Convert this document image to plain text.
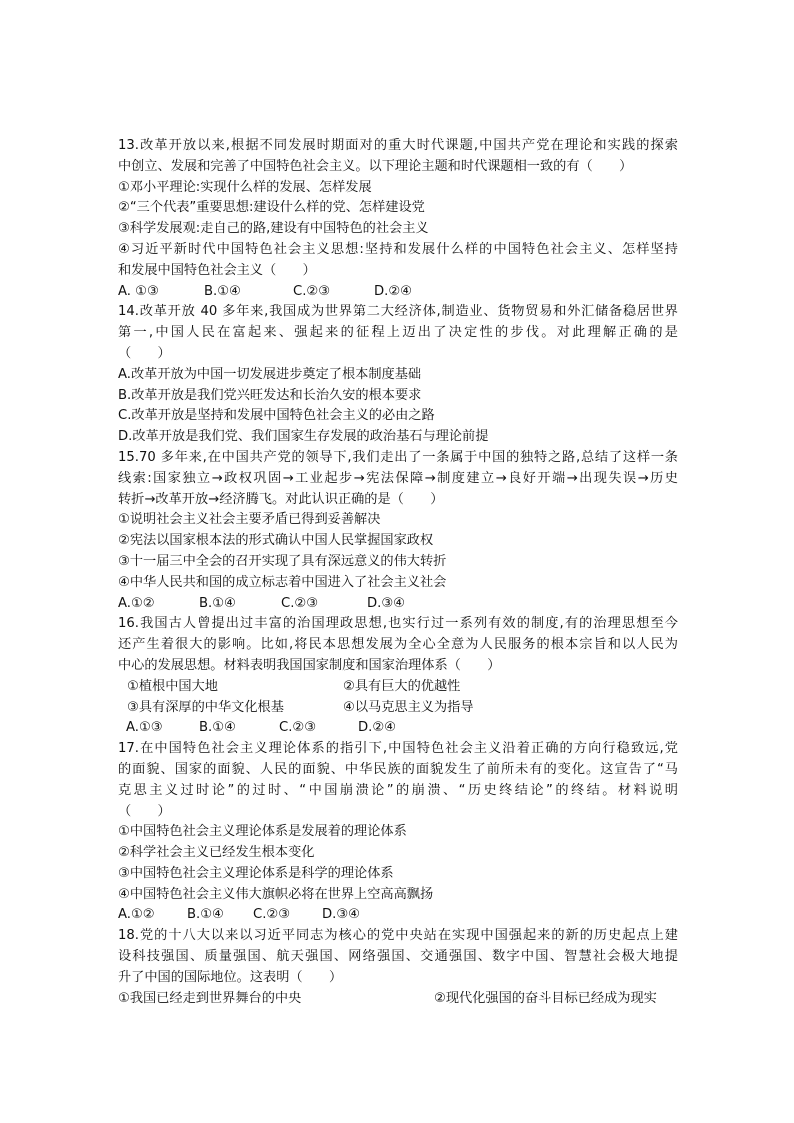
13.改革开放以来,根据不同发展时期面对的重大时代课题,中国共产党在理论和实践的探索
中创立、发展和完善了中国特色社会主义。以下理论主题和时代课题相一致的有（　　）
①邓小平理论:实现什么样的发展、怎样发展
②“三个代表”重要思想:建设什么样的党、怎样建设党
③科学发展观:走自己的路,建设有中国特色的社会主义
④习近平新时代中国特色社会主义思想:坚持和发展什么样的中国特色社会主义、怎样坚持
和发展中国特色社会主义（　　）
A. ①③	B.①④	C.②③	D.②④
14.改革开放 40 多年来,我国成为世界第二大经济体,制造业、货物贸易和外汇储备稳居世界
第一,中国人民在富起来、强起来的征程上迈出了决定性的步伐。对此理解正确的是
（　　）
A.改革开放为中国一切发展进步奠定了根本制度基础
B.改革开放是我们党兴旺发达和长治久安的根本要求
C.改革开放是坚持和发展中国特色社会主义的必由之路
D.改革开放是我们党、我们国家生存发展的政治基石与理论前提
15.70 多年来,在中国共产党的领导下,我们走出了一条属于中国的独特之路,总结了这样一条
线索:国家独立→政权巩固→工业起步→宪法保障→制度建立→良好开端→出现失误→历史
转折→改革开放→经济腾飞。对此认识正确的是（　　）
①说明社会主义社会主要矛盾已得到妥善解决
②宪法以国家根本法的形式确认中国人民掌握国家政权
③十一届三中全会的召开实现了具有深远意义的伟大转折
④中华人民共和国的成立标志着中国进入了社会主义社会
A.①②	B.①④	C.②③	D.③④
16.我国古人曾提出过丰富的治国理政思想,也实行过一系列有效的制度,有的治理思想至今
还产生着很大的影响。比如,将民本思想发展为全心全意为人民服务的根本宗旨和以人民为
中心的发展思想。材料表明我国国家制度和国家治理体系（　　）
①植根中国大地	②具有巨大的优越性
③具有深厚的中华文化根基	④以马克思主义为指导
A.①③	B.①④	C.②③	D.②④
17.在中国特色社会主义理论体系的指引下,中国特色社会主义沿着正确的方向行稳致远,党
的面貌、国家的面貌、人民的面貌、中华民族的面貌发生了前所未有的变化。这宣告了“马
克思主义过时论”的过时、“中国崩溃论”的崩溃、“历史终结论”的终结。材料说明
（　　）
①中国特色社会主义理论体系是发展着的理论体系
②科学社会主义已经发生根本变化
③中国特色社会主义理论体系是科学的理论体系
④中国特色社会主义伟大旗帜必将在世界上空高高飘扬
A.①②	B.①④	C.②③	D.③④
18.党的十八大以来以习近平同志为核心的党中央站在实现中国强起来的新的历史起点上建
设科技强国、质量强国、航天强国、网络强国、交通强国、数字中国、智慧社会极大地提
升了中国的国际地位。这表明（　　）
①我国已经走到世界舞台的中央	②现代化强国的奋斗目标已经成为现实
